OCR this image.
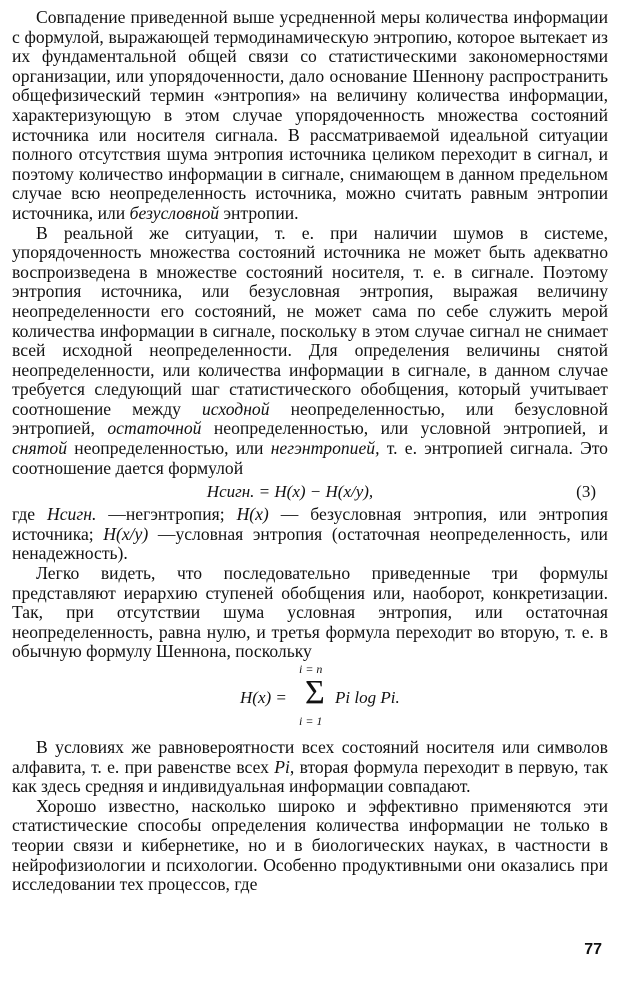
Совпадение приведенной выше усредненной меры количества информации с формулой, выражающей термодинамическую энтропию, которое вытекает из их фундаментальной общей связи со статистическими закономерностями организации, или упорядоченности, дало основание Шеннону распространить общефизический термин «энтропия» на величину количества информации, характеризующую в этом случае упорядоченность множества состояний источника или носителя сигнала. В рассматриваемой идеальной ситуации полного отсутствия шума энтропия источника целиком переходит в сигнал, и поэтому количество информации в сигнале, снимающем в данном предельном случае всю неопределенность источника, можно считать равным энтропии источника, или безусловной энтропии.

В реальной же ситуации, т. е. при наличии шумов в системе, упорядоченность множества состояний источника не может быть адекватно воспроизведена в множестве состояний носителя, т. е. в сигнале. Поэтому энтропия источника, или безусловная энтропия, выражая величину неопределенности его состояний, не может сама по себе служить мерой количества информации в сигнале, поскольку в этом случае сигнал не снимает всей исходной неопределенности. Для определения величины снятой неопределенности, или количества информации в сигнале, в данном случае требуется следующий шаг статистического обобщения, который учитывает соотношение между исходной неопределенностью, или безусловной энтропией, остаточной неопределенностью, или условной энтропией, и снятой неопределенностью, или негэнтропией, т. е. энтропией сигнала. Это соотношение дается формулой

Hсигн. = H(x) − H(x/y),	(3)

где Hсигн. —негэнтропия; H(x) — безусловная энтропия, или энтропия источника; H(x/y) —условная энтропия (остаточная неопределенность, или ненадежность).

Легко видеть, что последовательно приведенные три формулы представляют иерархию ступеней обобщения или, наоборот, конкретизации. Так, при отсутствии шума условная энтропия, или остаточная неопределенность, равна нулю, и третья формула переходит во вторую, т. е. в обычную формулу Шеннона, поскольку

i = n
H(x) = Σ Pi log Pi.
i = 1

В условиях же равновероятности всех состояний носителя или символов алфавита, т. е. при равенстве всех Pi, вторая формула переходит в первую, так как здесь средняя и индивидуальная информации совпадают.

Хорошо известно, насколько широко и эффективно применяются эти статистические способы определения количества информации не только в теории связи и кибернетике, но и в биологических науках, в частности в нейрофизиологии и психологии. Особенно продуктивными они оказались при исследовании тех процессов, где

77
